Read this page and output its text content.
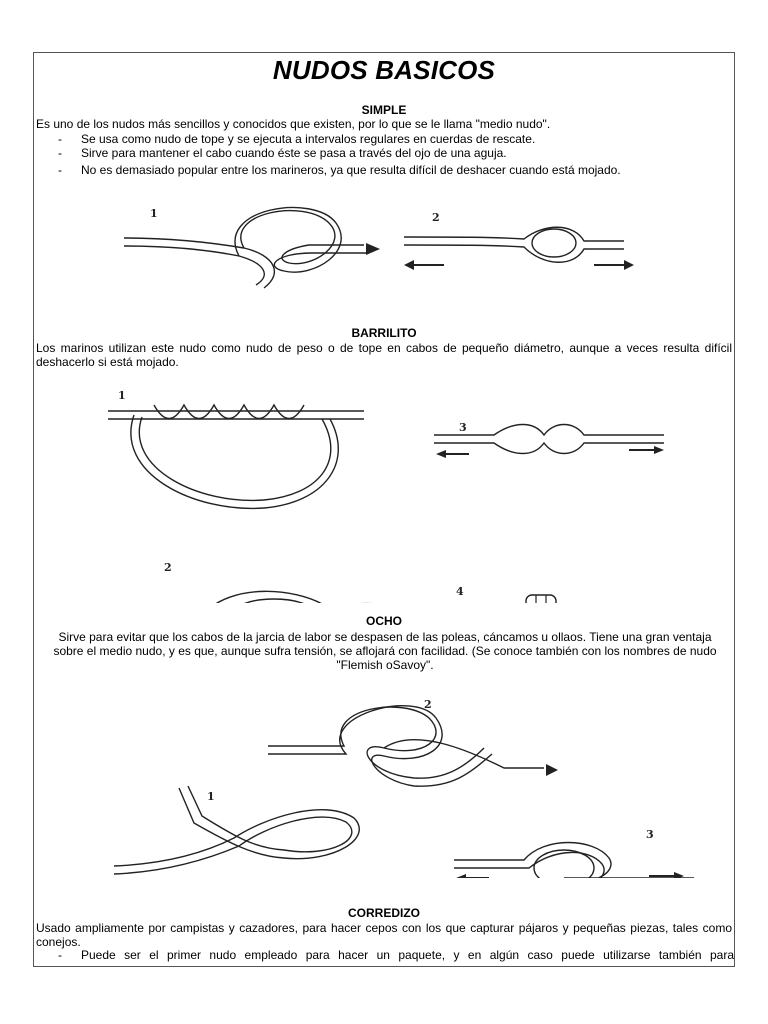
NUDOS BASICOS
SIMPLE
Es uno de los nudos más sencillos y conocidos que existen, por lo que se le llama "medio nudo".
- Se usa como nudo de tope y se ejecuta a intervalos regulares en cuerdas de rescate.
- Sirve para mantener el cabo cuando éste se pasa a través del ojo de una aguja.
- No es demasiado popular entre los marineros, ya que resulta difícil de deshacer cuando está mojado.
1	2
BARRILITO
Los marinos utilizan este nudo como nudo de peso o de tope en cabos de pequeño diámetro, aunque a veces resulta difícil deshacerlo si está mojado.
1
3
2
4
OCHO
Sirve para evitar que los cabos de la jarcia de labor se despasen de las poleas, cáncamos u ollaos. Tiene una gran ventaja sobre el medio nudo, y es que, aunque sufra tensión, se aflojará con facilidad. (Se conoce también con los nombres de nudo "Flemish oSavoy".
2
1
3
CORREDIZO
Usado ampliamente por campistas y cazadores, para hacer cepos con los que capturar pájaros y pequeñas piezas, tales como conejos.
- Puede ser el primer nudo empleado para hacer un paquete, y en algún caso puede utilizarse también para
